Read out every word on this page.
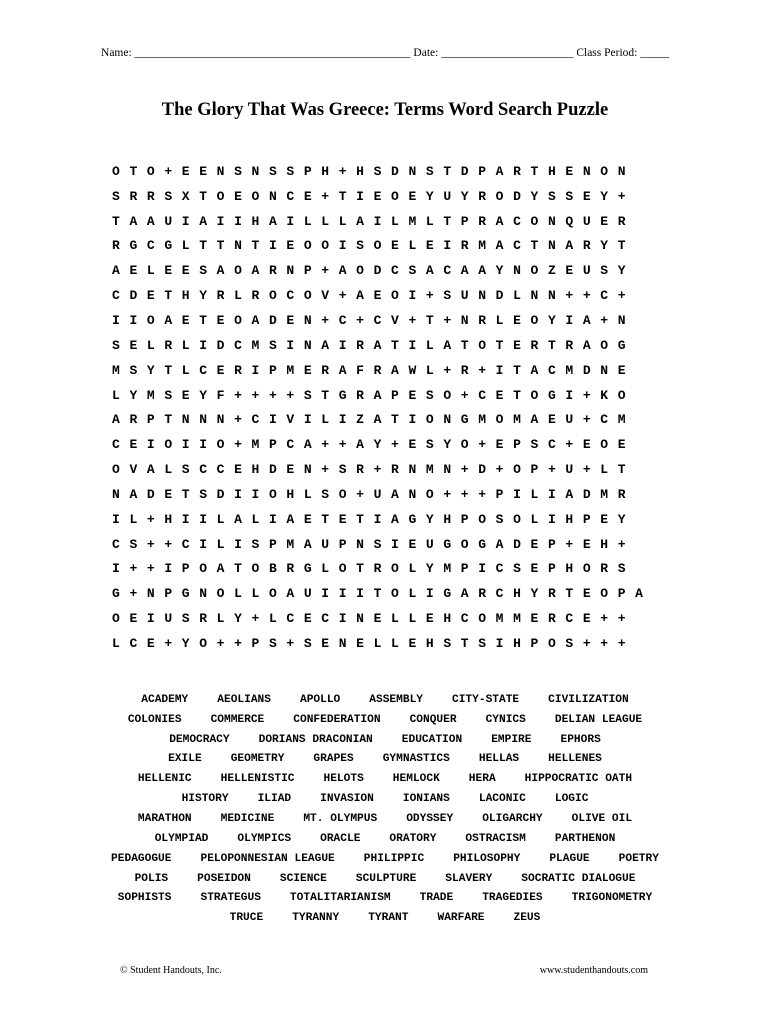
Name: ________________________________________________ Date: _______________________ Class Period: _____
The Glory That Was Greece: Terms Word Search Puzzle
O T O + E E N S N S S P H + H S D N S T D P A R T H E N O N
S R R S X T O E O N C E + T I E O E Y U Y R O D Y S S E Y +
T A A U I A I I H A I L L L A I L M L T P R A C O N Q U E R
R G C G L T T N T I E O O I S O E L E I R M A C T N A R Y T
A E L E E S A O A R N P + A O D C S A C A A Y N O Z E U S Y
C D E T H Y R L R O C O V + A E O I + S U N D L N N + + C +
I I O A E T E O A D E N + C + C V + T + N R L E O Y I A + N
S E L R L I D C M S I N A I R A T I L A T O T E R T R A O G
M S Y T L C E R I P M E R A F R A W L + R + I T A C M D N E
L Y M S E Y F + + + + S T G R A P E S O + C E T O G I + K O
A R P T N N N + C I V I L I Z A T I O N G M O M A E U + C M
C E I O I I O + M P C A + + A Y + E S Y O + E P S C + E O E
O V A L S C C E H D E N + S R + R N M N + D + O P + U + L T
N A D E T S D I I O H L S O + U A N O + + + P I L I A D M R
I L + H I I L A L I A E T E T I A G Y H P O S O L I H P E Y
C S + + C I L I S P M A U P N S I E U G O G A D E P + E H +
I + + I P O A T O B R G L O T R O L Y M P I C S E P H O R S
G + N P G N O L L O A U I I I T O L I G A R C H Y R T E O P A
O E I U S R L Y + L C E C I N E L L E H C O M M E R C E + +
L C E + Y O + + P S + S E N E L L E H S T S I H P O S + + +
ACADEMY	AEOLIANS	APOLLO	ASSEMBLY	CITY-STATE	CIVILIZATION
COLONIES	COMMERCE	CONFEDERATION	CONQUER	CYNICS	DELIAN LEAGUE
DEMOCRACY	DORIANS DRACONIAN	EDUCATION	EMPIRE	EPHORS
EXILE	GEOMETRY	GRAPES	GYMNASTICS	HELLAS	HELLENES
HELLENIC	HELLENISTIC	HELOTS	HEMLOCK	HERA	HIPPOCRATIC OATH
HISTORY	ILIAD	INVASION	IONIANS	LACONIC	LOGIC
MARATHON	MEDICINE	MT. OLYMPUS	ODYSSEY	OLIGARCHY	OLIVE OIL
OLYMPIAD	OLYMPICS	ORACLE	ORATORY	OSTRACISM	PARTHENON
PEDAGOGUE	PELOPONNESIAN LEAGUE	PHILIPPIC	PHILOSOPHY	PLAGUE	POETRY
POLIS	POSEIDON	SCIENCE	SCULPTURE	SLAVERY	SOCRATIC DIALOGUE
SOPHISTS	STRATEGUS	TOTALITARIANISM	TRADE	TRAGEDIES	TRIGONOMETRY
TRUCE	TYRANNY	TYRANT	WARFARE	ZEUS
© Student Handouts, Inc.	www.studenthandouts.com
